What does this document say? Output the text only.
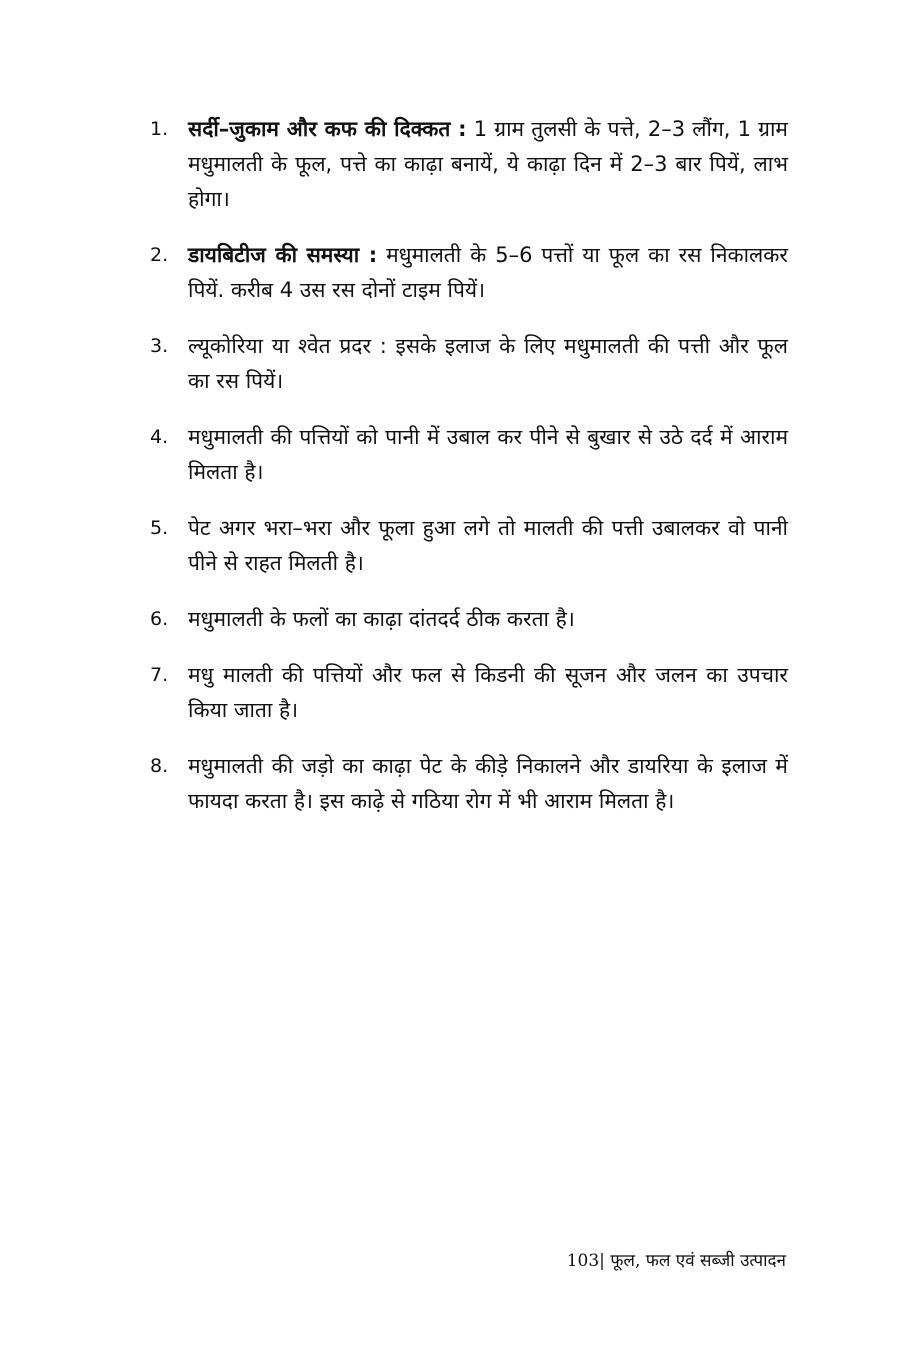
1. सर्दी–जुकाम और कफ की दिक्कत : 1 ग्राम तुलसी के पत्ते, 2–3 लौंग, 1 ग्राम मधुमालती के फूल, पत्ते का काढ़ा बनायें, ये काढ़ा दिन में 2–3 बार पियें, लाभ होगा।
2. डायबिटीज की समस्या : मधुमालती के 5–6 पत्तों या फूल का रस निकालकर पियें. करीब 4 उस रस दोनों टाइम पियें।
3. ल्यूकोरिया या श्वेत प्रदर : इसके इलाज के लिए मधुमालती की पत्ती और फूल का रस पियें।
4. मधुमालती की पत्तियों को पानी में उबाल कर पीने से बुखार से उठे दर्द में आराम मिलता है।
5. पेट अगर भरा–भरा और फूला हुआ लगे तो मालती की पत्ती उबालकर वो पानी पीने से राहत मिलती है।
6. मधुमालती के फलों का काढ़ा दांतदर्द ठीक करता है।
7. मधु मालती की पत्तियों और फल से किडनी की सूजन और जलन का उपचार किया जाता है।
8. मधुमालती की जड़ो का काढ़ा पेट के कीड़े निकालने और डायरिया के इलाज में फायदा करता है। इस काढ़े से गठिया रोग में भी आराम मिलता है।
103| फूल, फल एवं सब्जी उत्पादन
